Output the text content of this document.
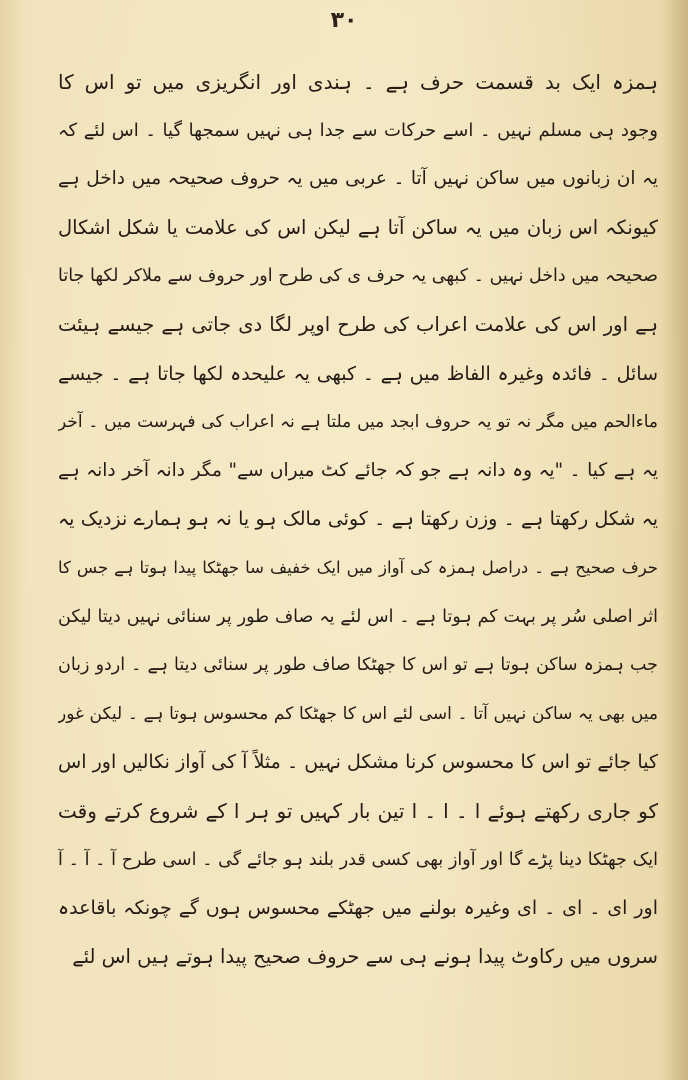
۳۰
ہمزہ ایک بد قسمت حرف ہے ۔ ہندی اور انگریزی میں تو اس کا
وجود ہی مسلم نہیں ۔ اسے حرکات سے جدا ہی نہیں سمجھا گیا ۔ اس لئے کہ
یہ ان زبانوں میں ساکن نہیں آتا ۔ عربی میں یہ حروف صحیحہ میں داخل ہے
کیونکہ اس زبان میں یہ ساکن آتا ہے لیکن اس کی علامت یا شکل اشکال
صحیحہ میں داخل نہیں ۔ کبھی یہ حرف ی کی طرح اور حروف سے ملاکر لکھا جاتا
ہے اور اس کی علامت اعراب کی طرح اوپر لگا دی جاتی ہے جیسے ہیئت
سائل ۔ فائدہ وغیرہ الفاظ میں ہے ۔ کبھی یہ علیحدہ لکھا جاتا ہے ۔ جیسے
ماءالحم میں مگر نہ تو یہ حروف ابجد میں ملتا ہے نہ اعراب کی فہرست میں ۔ آخر
یہ ہے کیا ۔ "یہ وہ دانہ ہے جو کہ جائے کٹ میراں سے" مگر دانہ آخر دانہ ہے
یہ شکل رکھتا ہے ۔ وزن رکھتا ہے ۔ کوئی مالک ہو یا نہ ہو ہمارے نزدیک یہ
حرف صحیح ہے ۔ دراصل ہمزہ کی آواز میں ایک خفیف سا جھٹکا پیدا ہوتا ہے جس کا
اثر اصلی سُر پر بہت کم ہوتا ہے ۔ اس لئے یہ صاف طور پر سنائی نہیں دیتا لیکن
جب ہمزہ ساکن ہوتا ہے تو اس کا جھٹکا صاف طور پر سنائی دیتا ہے ۔ اردو زبان
میں بھی یہ ساکن نہیں آتا ۔ اسی لئے اس کا جھٹکا کم محسوس ہوتا ہے ۔ لیکن غور
کیا جائے تو اس کا محسوس کرنا مشکل نہیں ۔ مثلاً آ کی آواز نکالیں اور اس
کو جاری رکھتے ہوئے ا ۔ ا ۔ ا تین بار کہیں تو ہر ا کے شروع کرتے وقت
ایک جھٹکا دینا پڑے گا اور آواز بھی کسی قدر بلند ہو جائے گی ۔ اسی طرح آ ۔ آ ۔ آ
اور ای ۔ ای ۔ ای وغیرہ بولنے میں جھٹکے محسوس ہوں گے چونکہ باقاعدہ
سروں میں رکاوٹ پیدا ہونے ہی سے حروف صحیح پیدا ہوتے ہیں اس لئے
